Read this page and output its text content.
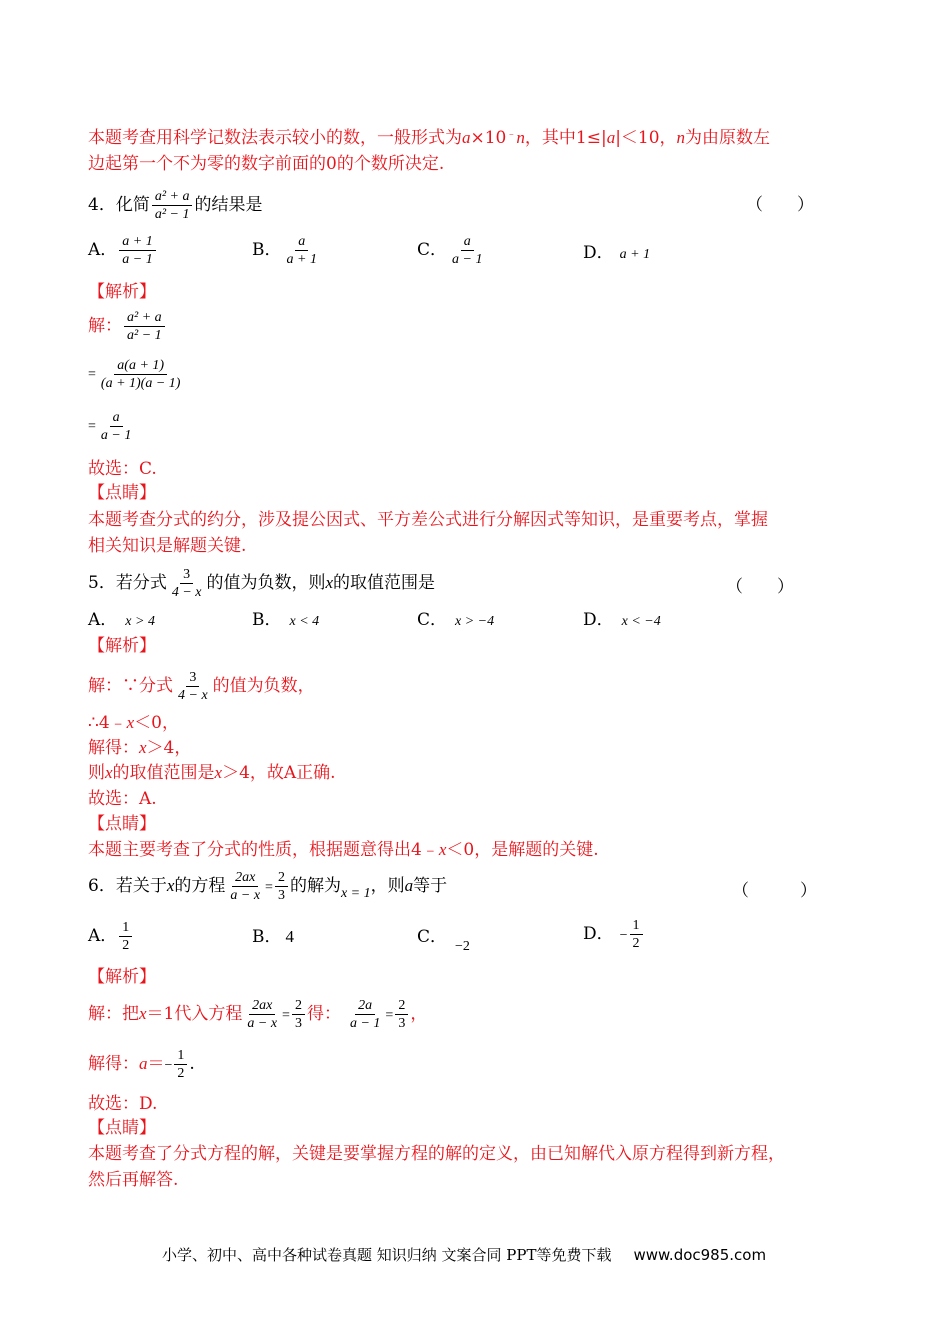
本题考查用科学记数法表示较小的数，一般形式为a×10﹣n，其中1≤|a|＜10，n为由原数左
边起第一个不为零的数字前面的0的个数所决定.
4．化简 $\frac{\text{a² + a}}{\text{a² − 1}}$ 的结果是	（　　）
A． $\frac{a + 1}{a - 1}$	B． $\frac{a}{a + 1}$	C． $\frac{a}{a - 1}$	D． a + 1
【解析】
解： $\frac{\text{a² + a}}{\text{a² − 1}}$
= $\frac{a(a + 1)}{(a + 1)(a - 1)}$
= $\frac{a}{a - 1}$
故选：C.
【点睛】
本题考查分式的约分，涉及提公因式、平方差公式进行分解因式等知识，是重要考点，掌握
相关知识是解题关键.
5．若分式 $\frac{3}{4 - x}$ 的值为负数，则x的取值范围是	（　　）
A． x > 4	B． x < 4	C． x > −4	D． x < −4
【解析】
解：∵分式 $\frac{3}{4 - x}$ 的值为负数，
∴4﹣x＜0，
解得：x＞4，
则x的取值范围是x＞4，故A正确.
故选：A.
【点睛】
本题主要考查了分式的性质，根据题意得出4﹣x＜0，是解题的关键.
6．若关于x的方程 $\frac{2ax}{a - x} = \frac{2}{3}$ 的解为$_{x = 1}$，则a等于	（　　　）
A． $\frac{1}{2}$	B． 4	C． $_{-2}$
D． − $\frac{1}{2}$
【解析】
解：把x＝1代入方程 $\frac{2ax}{a - x} = \frac{2}{3}$ 得： $\frac{2a}{a - 1} = \frac{2}{3}$ ，
解得：$a=- \frac{1}{2}$ .
故选：D.
【点睛】
本题考查了分式方程的解，关键是要掌握方程的解的定义，由已知解代入原方程得到新方程，
然后再解答.
小学、初中、高中各种试卷真题 知识归纳 文案合同 PPT等免费下载 www.doc985.com
